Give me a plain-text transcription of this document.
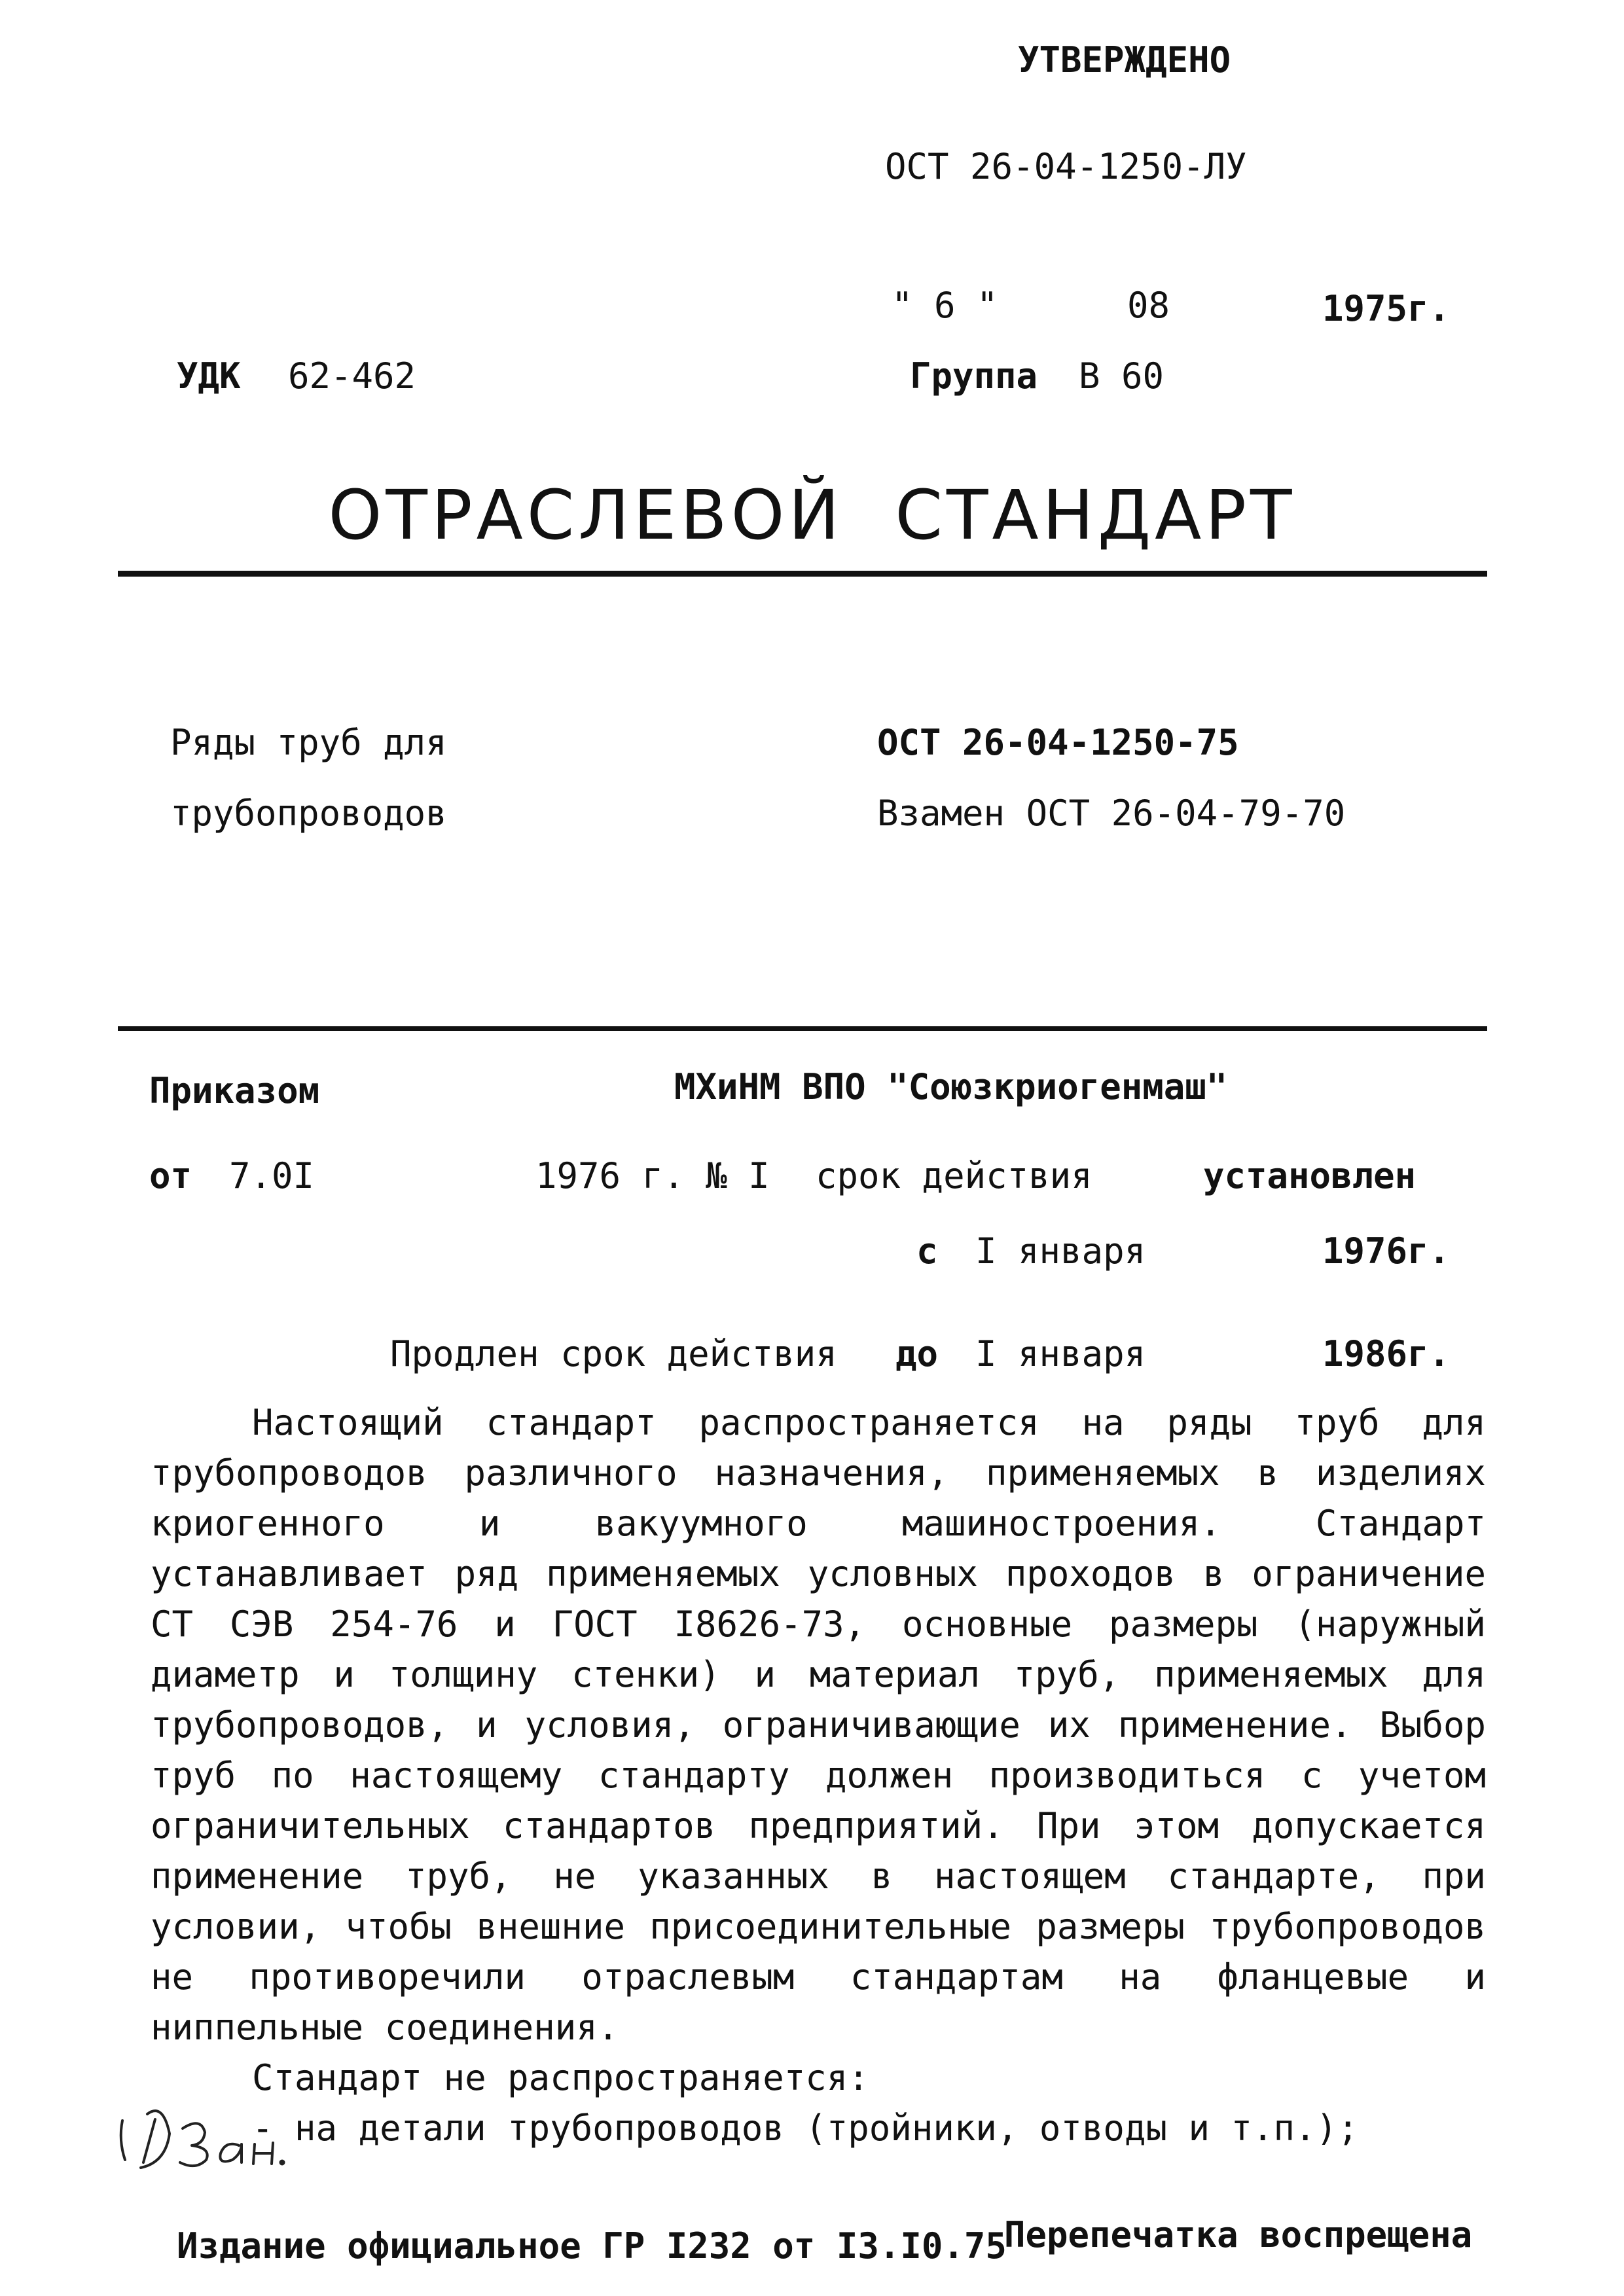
УТВЕРЖДЕНО
ОСТ 26-04-1250-ЛУ
" 6 "	08	1975г.
УДК 62-462	Группа В 60
ОТРАСЛЕВОЙ СТАНДАРТ
Ряды труб для
трубопроводов
ОСТ 26-04-1250-75
Взамен ОСТ 26-04-79-70
Приказом	МХиНМ ВПО "Союзкриогенмаш"
от 7.0I	1976 г. № I срок действия	установлен
с I января	1976г.
Продлен срок действия до I января	1986г.

Настоящий стандарт распространяется на ряды труб для трубопроводов различного назначения, применяемых в изделиях криогенного и вакуумного машиностроения. Стандарт устанавливает ряд применяемых условных проходов в ограничение СТ СЭВ 254-76 и ГОСТ I8626-73, основные размеры (наружный диаметр и толщину стенки) и материал труб, применяемых для трубопроводов, и условия, ограничивающие их применение. Выбор труб по настоящему стандарту должен производиться с учетом ограничительных стандартов предприятий. При этом допускается применение труб, не указанных в настоящем стандарте, при условии, чтобы внешние присоединительные размеры трубопроводов не противоречили отраслевым стандартам на фланцевые и ниппельные соединения.

Стандарт не распространяется:

- на детали трубопроводов (тройники, отводы и т.п.);

Издание официальное ГР I232 от I3.I0.75
Перепечатка воспрещена
